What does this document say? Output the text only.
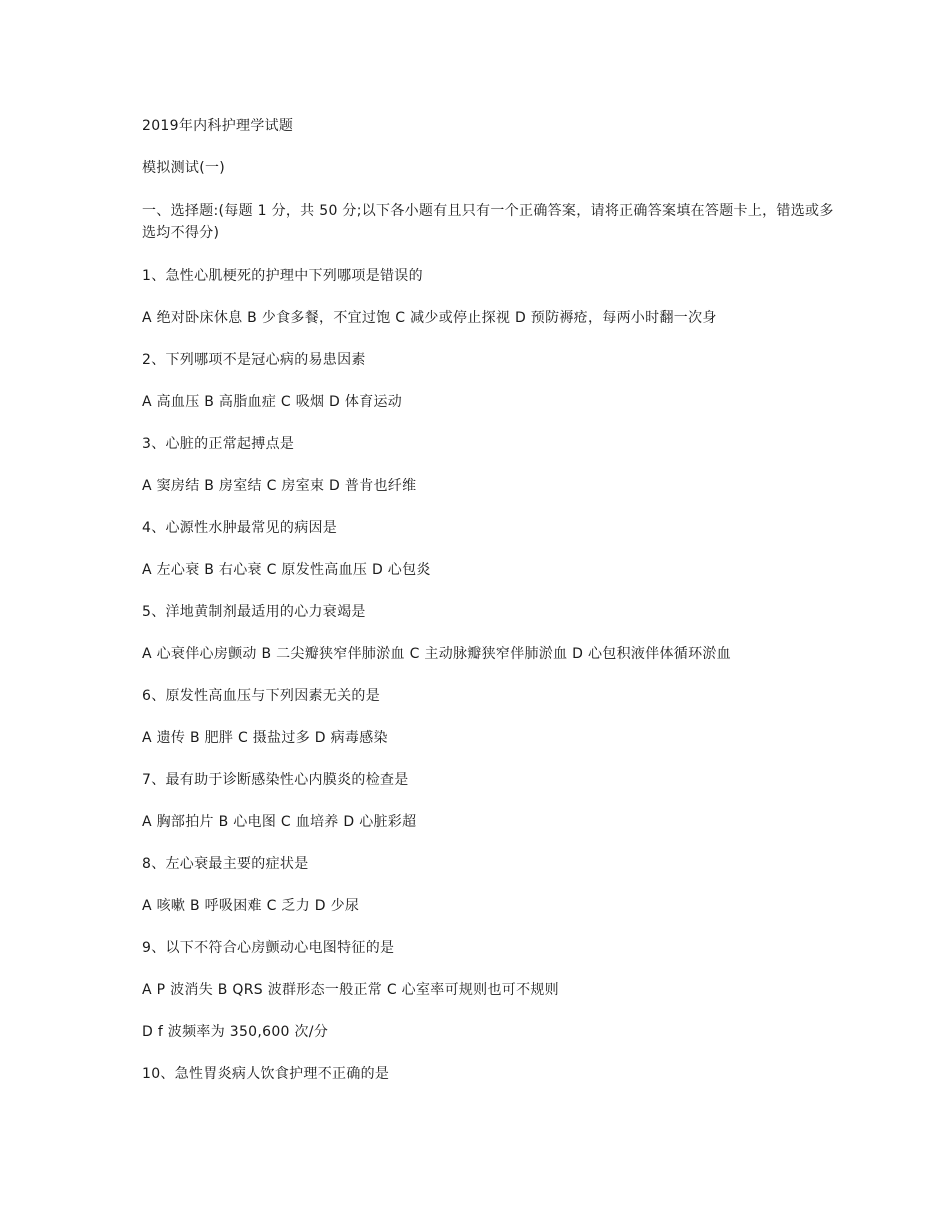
2019年内科护理学试题
模拟测试(一)
一、选择题:(每题 1 分，共 50 分;以下各小题有且只有一个正确答案，请将正确答案填在答题卡上，错选或多选均不得分)
1、急性心肌梗死的护理中下列哪项是错误的
A 绝对卧床休息 B 少食多餐，不宜过饱 C 减少或停止探视 D 预防褥疮，每两小时翻一次身
2、下列哪项不是冠心病的易患因素
A 高血压 B 高脂血症 C 吸烟 D 体育运动
3、心脏的正常起搏点是
A 窦房结 B 房室结 C 房室束 D 普肯也纤维
4、心源性水肿最常见的病因是
A 左心衰 B 右心衰 C 原发性高血压 D 心包炎
5、洋地黄制剂最适用的心力衰竭是
A 心衰伴心房颤动 B 二尖瓣狭窄伴肺淤血 C 主动脉瓣狭窄伴肺淤血 D 心包积液伴体循环淤血
6、原发性高血压与下列因素无关的是
A 遗传 B 肥胖 C 摄盐过多 D 病毒感染
7、最有助于诊断感染性心内膜炎的检查是
A 胸部拍片 B 心电图 C 血培养 D 心脏彩超
8、左心衰最主要的症状是
A 咳嗽 B 呼吸困难 C 乏力 D 少尿
9、以下不符合心房颤动心电图特征的是
A P 波消失 B QRS 波群形态一般正常 C 心室率可规则也可不规则
D f 波频率为 350,600 次/分
10、急性胃炎病人饮食护理不正确的是
